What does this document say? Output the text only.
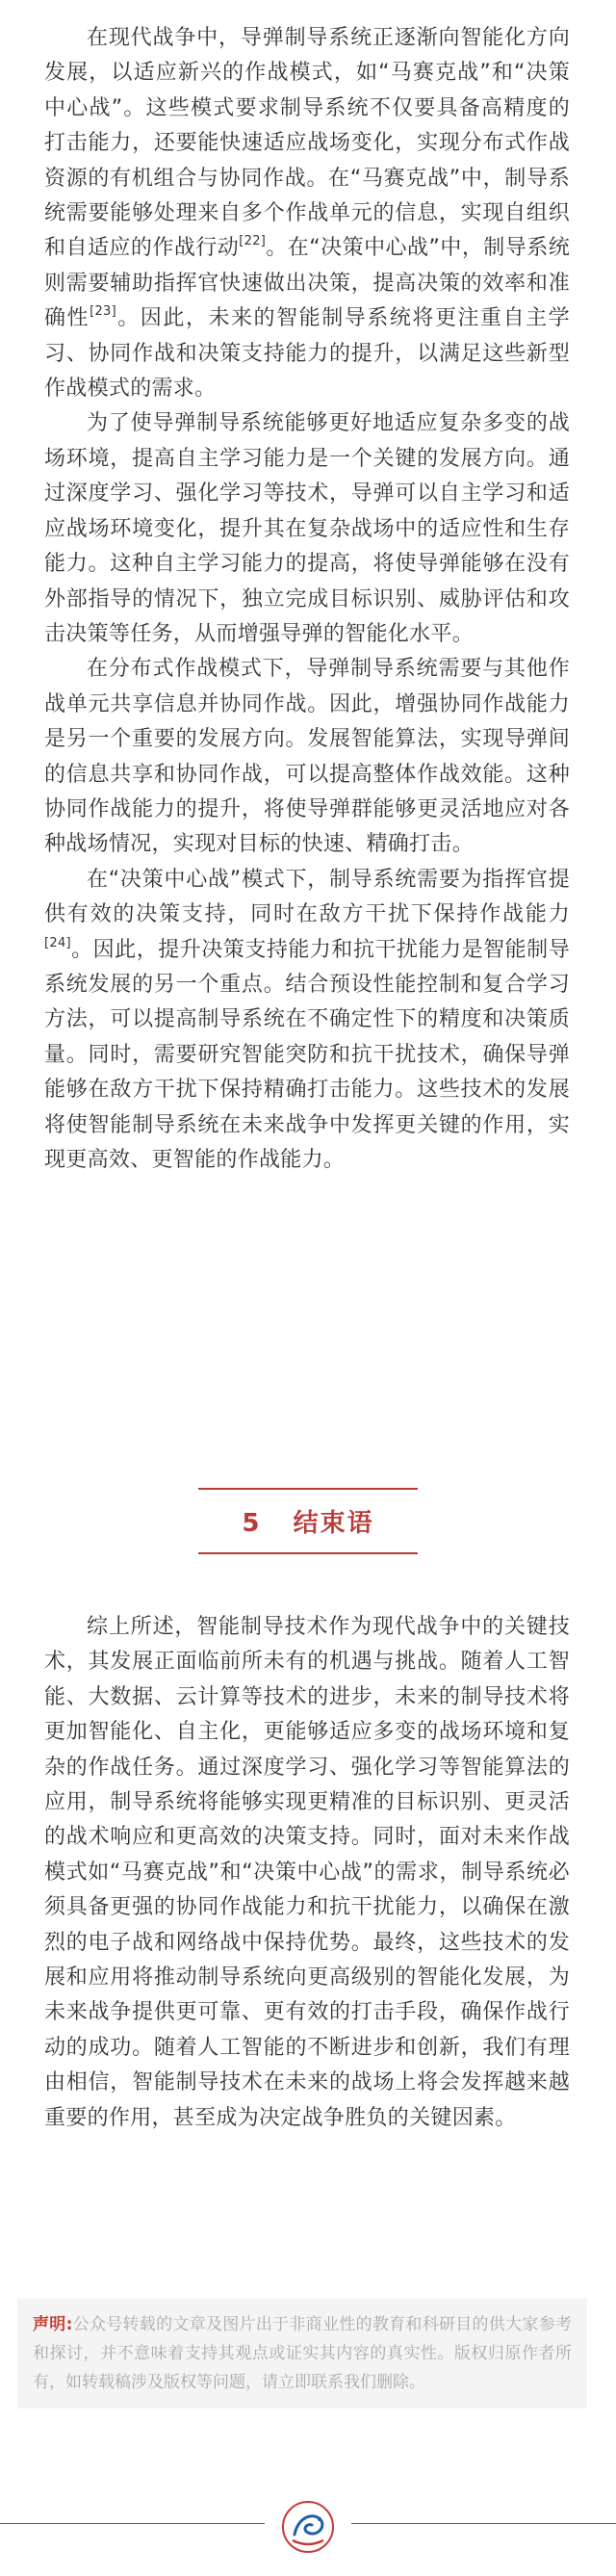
在现代战争中，导弹制导系统正逐渐向智能化方向发展，以适应新兴的作战模式，如“马赛克战”和“决策中心战”。这些模式要求制导系统不仅要具备高精度的打击能力，还要能快速适应战场变化，实现分布式作战资源的有机组合与协同作战。在“马赛克战”中，制导系统需要能够处理来自多个作战单元的信息，实现自组织和自适应的作战行动[22]。在“决策中心战”中，制导系统则需要辅助指挥官快速做出决策，提高决策的效率和准确性[23]。因此，未来的智能制导系统将更注重自主学习、协同作战和决策支持能力的提升，以满足这些新型作战模式的需求。

为了使导弹制导系统能够更好地适应复杂多变的战场环境，提高自主学习能力是一个关键的发展方向。通过深度学习、强化学习等技术，导弹可以自主学习和适应战场环境变化，提升其在复杂战场中的适应性和生存能力。这种自主学习能力的提高，将使导弹能够在没有外部指导的情况下，独立完成目标识别、威胁评估和攻击决策等任务，从而增强导弹的智能化水平。

在分布式作战模式下，导弹制导系统需要与其他作战单元共享信息并协同作战。因此，增强协同作战能力是另一个重要的发展方向。发展智能算法，实现导弹间的信息共享和协同作战，可以提高整体作战效能。这种协同作战能力的提升，将使导弹群能够更灵活地应对各种战场情况，实现对目标的快速、精确打击。

在“决策中心战”模式下，制导系统需要为指挥官提供有效的决策支持，同时在敌方干扰下保持作战能力[24]。因此，提升决策支持能力和抗干扰能力是智能制导系统发展的另一个重点。结合预设性能控制和复合学习方法，可以提高制导系统在不确定性下的精度和决策质量。同时，需要研究智能突防和抗干扰技术，确保导弹能够在敌方干扰下保持精确打击能力。这些技术的发展将使智能制导系统在未来战争中发挥更关键的作用，实现更高效、更智能的作战能力。

5   结束语

综上所述，智能制导技术作为现代战争中的关键技术，其发展正面临前所未有的机遇与挑战。随着人工智能、大数据、云计算等技术的进步，未来的制导技术将更加智能化、自主化，更能够适应多变的战场环境和复杂的作战任务。通过深度学习、强化学习等智能算法的应用，制导系统将能够实现更精准的目标识别、更灵活的战术响应和更高效的决策支持。同时，面对未来作战模式如“马赛克战”和“决策中心战”的需求，制导系统必须具备更强的协同作战能力和抗干扰能力，以确保在激烈的电子战和网络战中保持优势。最终，这些技术的发展和应用将推动制导系统向更高级别的智能化发展，为未来战争提供更可靠、更有效的打击手段，确保作战行动的成功。随着人工智能的不断进步和创新，我们有理由相信，智能制导技术在未来的战场上将会发挥越来越重要的作用，甚至成为决定战争胜负的关键因素。

声明:公众号转载的文章及图片出于非商业性的教育和科研目的供大家参考和探讨，并不意味着支持其观点或证实其内容的真实性。版权归原作者所有，如转载稿涉及版权等问题，请立即联系我们删除。
